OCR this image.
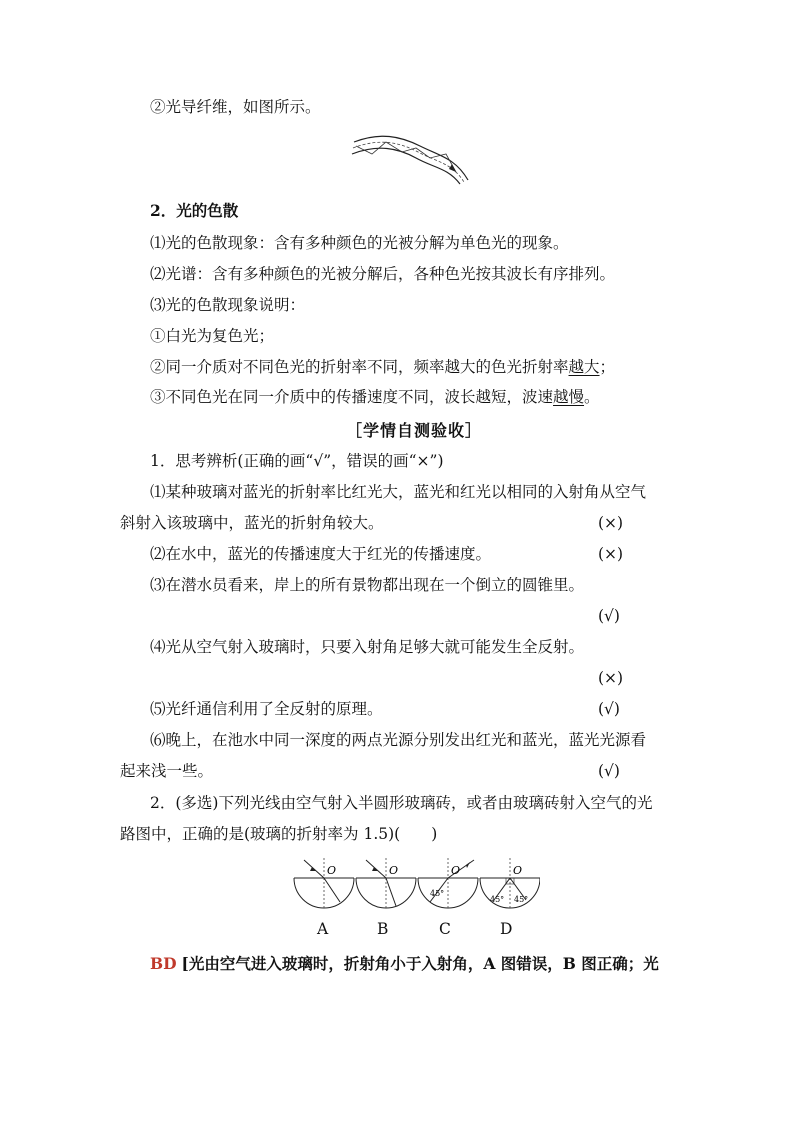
②光导纤维，如图所示。
2．光的色散
⑴光的色散现象：含有多种颜色的光被分解为单色光的现象。
⑵光谱：含有多种颜色的光被分解后，各种色光按其波长有序排列。
⑶光的色散现象说明：
①白光为复色光；
②同一介质对不同色光的折射率不同，频率越大的色光折射率越大；
③不同色光在同一介质中的传播速度不同，波长越短，波速越慢。
［学情自测验收］
1．思考辨析(正确的画“√”，错误的画“×”)
⑴某种玻璃对蓝光的折射率比红光大，蓝光和红光以相同的入射角从空气
斜射入该玻璃中，蓝光的折射角较大。	(×)
⑵在水中，蓝光的传播速度大于红光的传播速度。	(×)
⑶在潜水员看来，岸上的所有景物都出现在一个倒立的圆锥里。
(√)
⑷光从空气射入玻璃时，只要入射角足够大就可能发生全反射。
(×)
⑸光纤通信利用了全反射的原理。	(√)
⑹晚上，在池水中同一深度的两点光源分别发出红光和蓝光，蓝光光源看
起来浅一些。	(√)
2．(多选)下列光线由空气射入半圆形玻璃砖，或者由玻璃砖射入空气的光
路图中，正确的是(玻璃的折射率为 1.5)(　　)
O	O	O
45°
O
45° 45°
A	B	C	D
BD [光由空气进入玻璃时，折射角小于入射角，A 图错误，B 图正确；光
